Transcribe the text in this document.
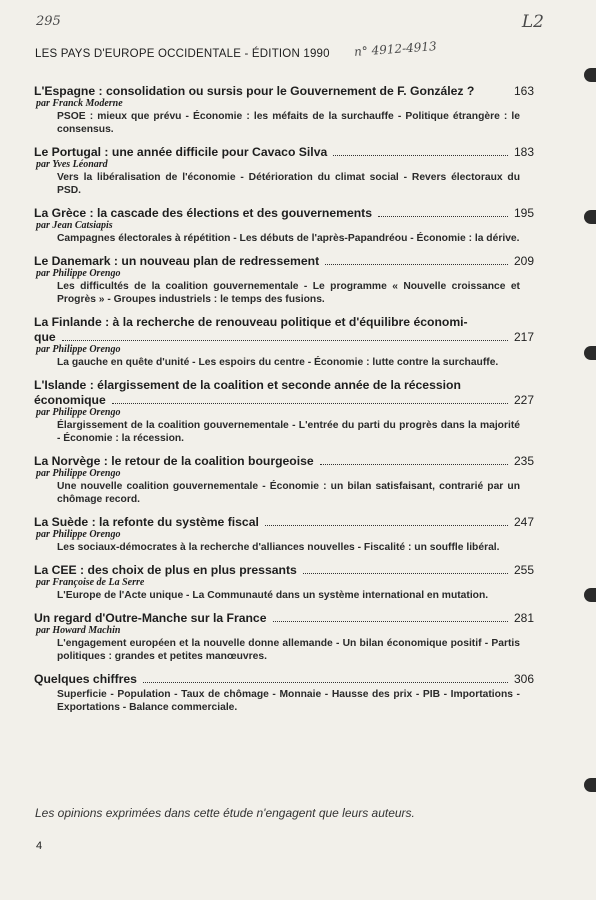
295	L2
n° 4912-4913
LES PAYS D'EUROPE OCCIDENTALE - ÉDITION 1990
L'Espagne : consolidation ou sursis pour le Gouvernement de F. González ?	163
par Franck Moderne
PSOE : mieux que prévu - Économie : les méfaits de la surchauffe - Politique étrangère : le consensus.
Le Portugal : une année difficile pour Cavaco Silva	183
par Yves Léonard
Vers la libéralisation de l'économie - Détérioration du climat social - Revers électoraux du PSD.
La Grèce : la cascade des élections et des gouvernements	195
par Jean Catsiapis
Campagnes électorales à répétition - Les débuts de l'après-Papandréou - Économie : la dérive.
Le Danemark : un nouveau plan de redressement	209
par Philippe Orengo
Les difficultés de la coalition gouvernementale - Le programme « Nouvelle croissance et Progrès » - Groupes industriels : le temps des fusions.
La Finlande : à la recherche de renouveau politique et d'équilibre économi-
que	217
par Philippe Orengo
La gauche en quête d'unité - Les espoirs du centre - Économie : lutte contre la surchauffe.
L'Islande : élargissement de la coalition et seconde année de la récession
économique	227
par Philippe Orengo
Élargissement de la coalition gouvernementale - L'entrée du parti du progrès dans la majorité - Économie : la récession.
La Norvège : le retour de la coalition bourgeoise	235
par Philippe Orengo
Une nouvelle coalition gouvernementale - Économie : un bilan satisfaisant, contrarié par un chômage record.
La Suède : la refonte du système fiscal	247
par Philippe Orengo
Les sociaux-démocrates à la recherche d'alliances nouvelles - Fiscalité : un souffle libéral.
La CEE : des choix de plus en plus pressants	255
par Françoise de La Serre
L'Europe de l'Acte unique - La Communauté dans un système international en mutation.
Un regard d'Outre-Manche sur la France	281
par Howard Machin
L'engagement européen et la nouvelle donne allemande - Un bilan économique positif - Partis politiques : grandes et petites manœuvres.
Quelques chiffres	306
Superficie - Population - Taux de chômage - Monnaie - Hausse des prix - PIB - Importations - Exportations - Balance commerciale.
Les opinions exprimées dans cette étude n'engagent que leurs auteurs.
4
